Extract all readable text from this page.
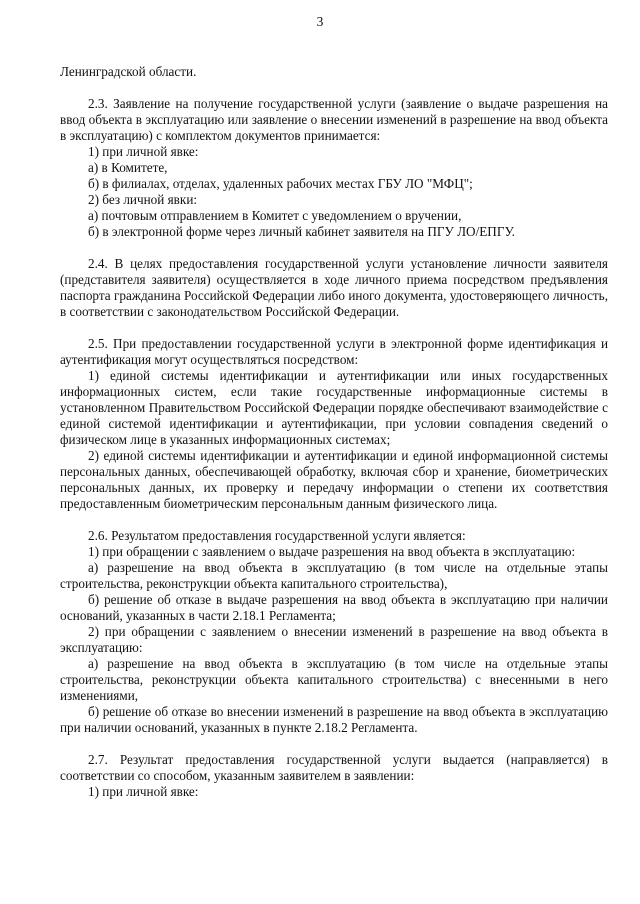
3

Ленинградской области.

2.3. Заявление на получение государственной услуги (заявление о выдаче разрешения на ввод объекта в эксплуатацию или заявление о внесении изменений в разрешение на ввод объекта в эксплуатацию) с комплектом документов принимается:

1) при личной явке:

а) в Комитете,

б) в филиалах, отделах, удаленных рабочих местах ГБУ ЛО "МФЦ";

2) без личной явки:

а) почтовым отправлением в Комитет с уведомлением о вручении,

б) в электронной форме через личный кабинет заявителя на ПГУ ЛО/ЕПГУ.

2.4. В целях предоставления государственной услуги установление личности заявителя (представителя заявителя) осуществляется в ходе личного приема посредством предъявления паспорта гражданина Российской Федерации либо иного документа, удостоверяющего личность, в соответствии с законодательством Российской Федерации.

2.5. При предоставлении государственной услуги в электронной форме идентификация и аутентификация могут осуществляться посредством:

1) единой системы идентификации и аутентификации или иных государственных информационных систем, если такие государственные информационные системы в установленном Правительством Российской Федерации порядке обеспечивают взаимодействие с единой системой идентификации и аутентификации, при условии совпадения сведений о физическом лице в указанных информационных системах;

2) единой системы идентификации и аутентификации и единой информационной системы персональных данных, обеспечивающей обработку, включая сбор и хранение, биометрических персональных данных, их проверку и передачу информации о степени их соответствия предоставленным биометрическим персональным данным физического лица.

2.6. Результатом предоставления государственной услуги является:

1) при обращении с заявлением о выдаче разрешения на ввод объекта в эксплуатацию:

а) разрешение на ввод объекта в эксплуатацию (в том числе на отдельные этапы строительства, реконструкции объекта капитального строительства),

б) решение об отказе в выдаче разрешения на ввод объекта в эксплуатацию при наличии оснований, указанных в части 2.18.1 Регламента;

2) при обращении с заявлением о внесении изменений в разрешение на ввод объекта в эксплуатацию:

а) разрешение на ввод объекта в эксплуатацию (в том числе на отдельные этапы строительства, реконструкции объекта капитального строительства) с внесенными в него изменениями,

б) решение об отказе во внесении изменений в разрешение на ввод объекта в эксплуатацию при наличии оснований, указанных в пункте 2.18.2 Регламента.

2.7. Результат предоставления государственной услуги выдается (направляется) в соответствии со способом, указанным заявителем в заявлении:

1) при личной явке:
